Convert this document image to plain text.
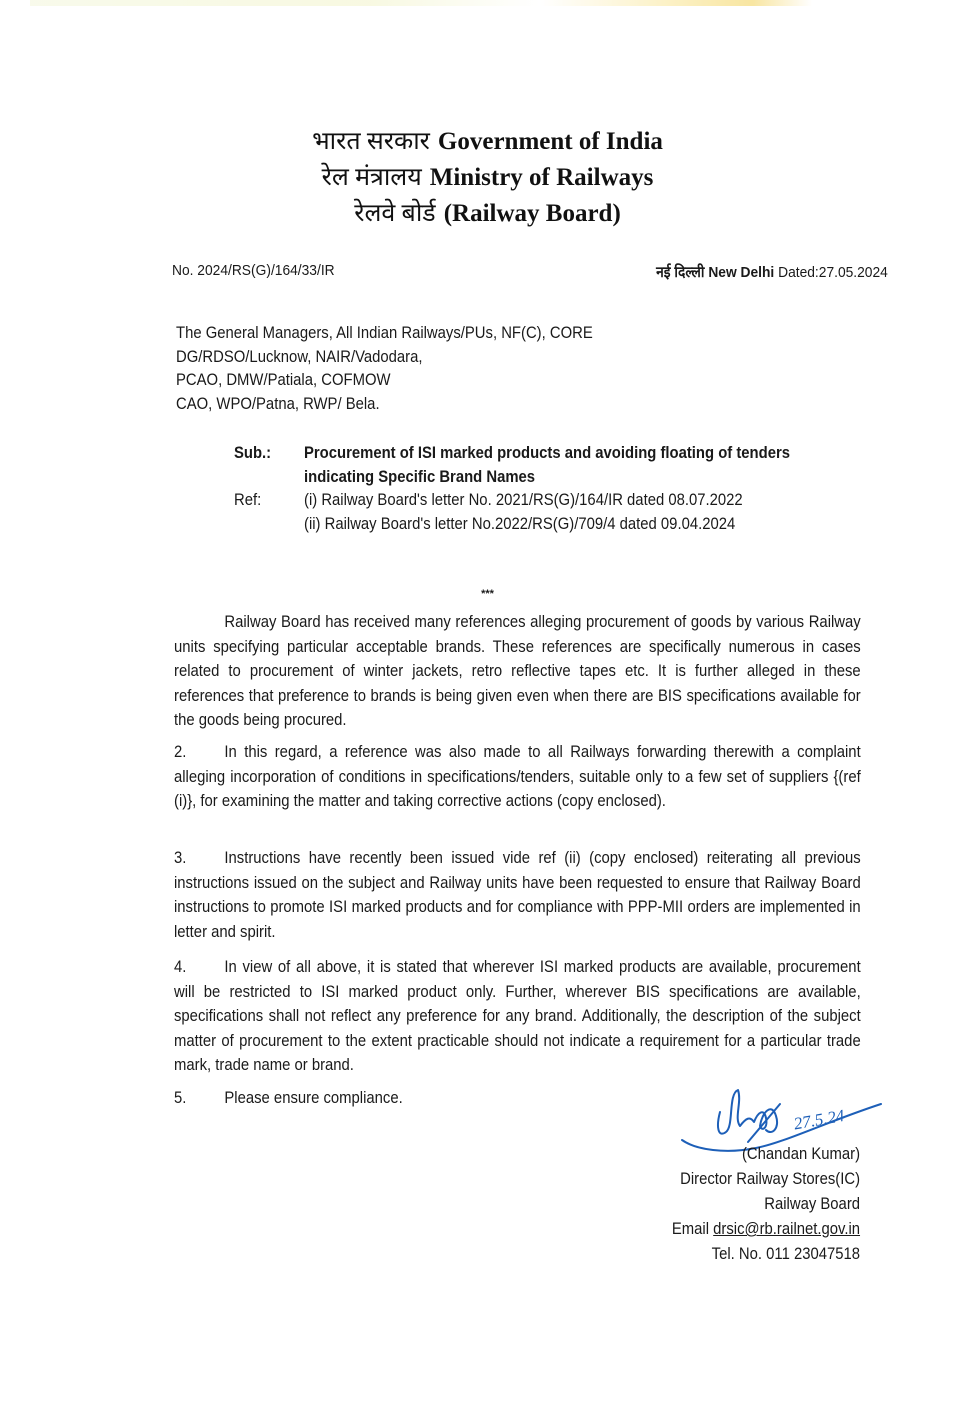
भारत सरकार Government of India
रेल मंत्रालय Ministry of Railways
रेलवे बोर्ड (Railway Board)
No. 2024/RS(G)/164/33/IR	नई दिल्ली New Delhi Dated:27.05.2024
The General Managers, All Indian Railways/PUs, NF(C), CORE
DG/RDSO/Lucknow, NAIR/Vadodara,
PCAO, DMW/Patiala, COFMOW
CAO, WPO/Patna, RWP/ Bela.
Sub.:	Procurement of ISI marked products and avoiding floating of tenders
indicating Specific Brand Names
Ref:	(i) Railway Board's letter No. 2021/RS(G)/164/IR dated 08.07.2022
(ii) Railway Board's letter No.2022/RS(G)/709/4 dated 09.04.2024
***
Railway Board has received many references alleging procurement of goods by various Railway units specifying particular acceptable brands. These references are specifically numerous in cases related to procurement of winter jackets, retro reflective tapes etc. It is further alleged in these references that preference to brands is being given even when there are BIS specifications available for the goods being procured.
2. In this regard, a reference was also made to all Railways forwarding therewith a complaint alleging incorporation of conditions in specifications/tenders, suitable only to a few set of suppliers {(ref (i)}, for examining the matter and taking corrective actions (copy enclosed).
3. Instructions have recently been issued vide ref (ii) (copy enclosed) reiterating all previous instructions issued on the subject and Railway units have been requested to ensure that Railway Board instructions to promote ISI marked products and for compliance with PPP-MII orders are implemented in letter and spirit.
4. In view of all above, it is stated that wherever ISI marked products are available, procurement will be restricted to ISI marked product only. Further, wherever BIS specifications are available, specifications shall not reflect any preference for any brand. Additionally, the description of the subject matter of procurement to the extent practicable should not indicate a requirement for a particular trade mark, trade name or brand.
5. Please ensure compliance.
27.5.24
(Chandan Kumar)
Director Railway Stores(IC)
Railway Board
Email drsic@rb.railnet.gov.in
Tel. No. 011 23047518
